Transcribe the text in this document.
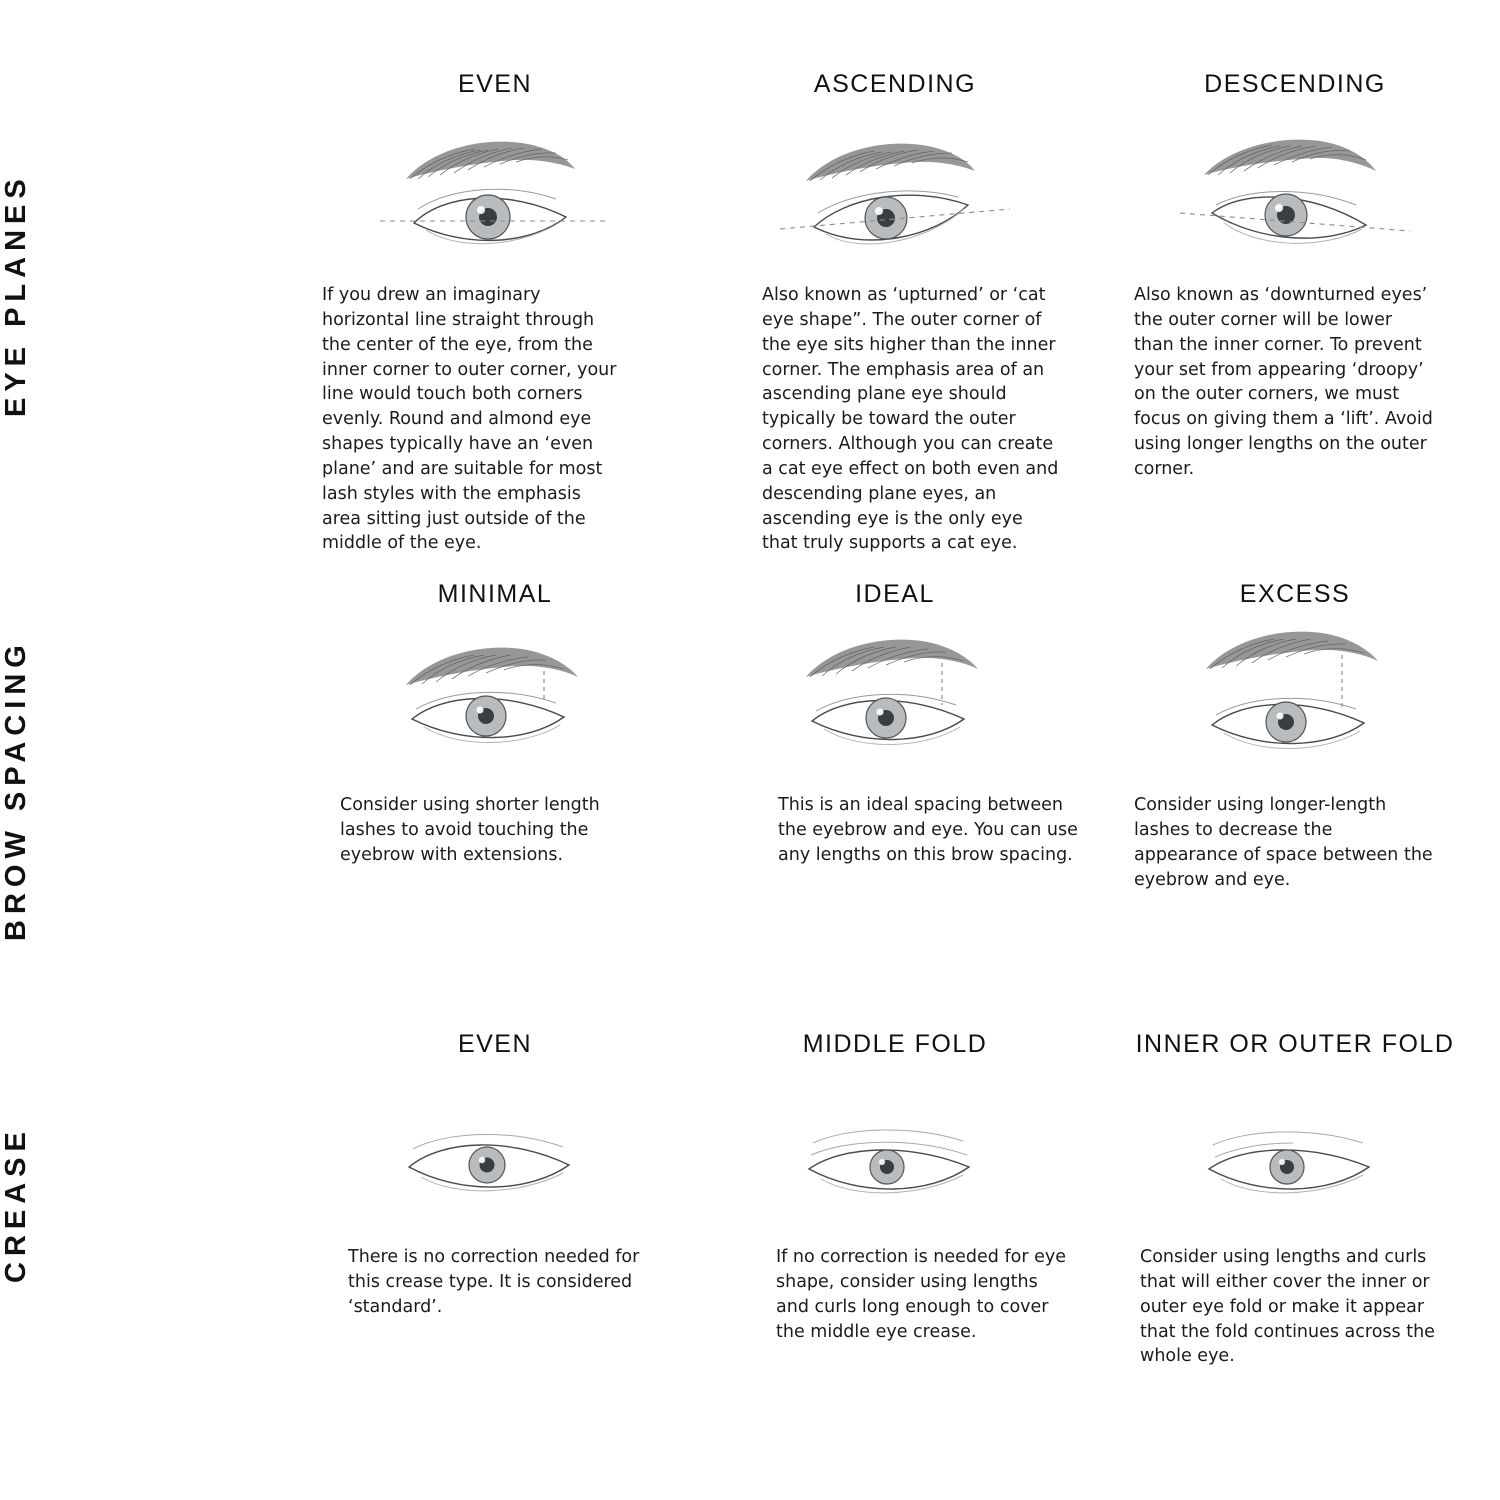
EYE PLANES
EVEN
If you drew an imaginary horizontal line straight through the center of the eye, from the inner corner to outer corner, your line would touch both corners evenly. Round and almond eye shapes typically have an ‘even plane’ and are suitable for most lash styles with the emphasis area sitting just outside of the middle of the eye.
ASCENDING
Also known as ‘upturned’ or ‘cat eye shape”. The outer corner of the eye sits higher than the inner corner. The emphasis area of an ascending plane eye should typically be toward the outer corners. Although you can create a cat eye effect on both even and descending plane eyes, an ascending eye is the only eye that truly supports a cat eye.
DESCENDING
Also known as ‘downturned eyes’ the outer corner will be lower than the inner corner. To prevent your set from appearing ‘droopy’ on the outer corners, we must focus on giving them a ‘lift’. Avoid using longer lengths on the outer corner.
BROW SPACING
MINIMAL
Consider using shorter length lashes to avoid touching the eyebrow with extensions.
IDEAL
This is an ideal spacing between the eyebrow and eye. You can use any lengths on this brow spacing.
EXCESS
Consider using longer-length lashes to decrease the appearance of space between the eyebrow and eye.
CREASE
EVEN
There is no correction needed for this crease type. It is considered ‘standard’.
MIDDLE FOLD
If no correction is needed for eye shape, consider using lengths and curls long enough to cover the middle eye crease.
INNER OR OUTER FOLD
Consider using lengths and curls that will either cover the inner or outer eye fold or make it appear that the fold continues across the whole eye.
